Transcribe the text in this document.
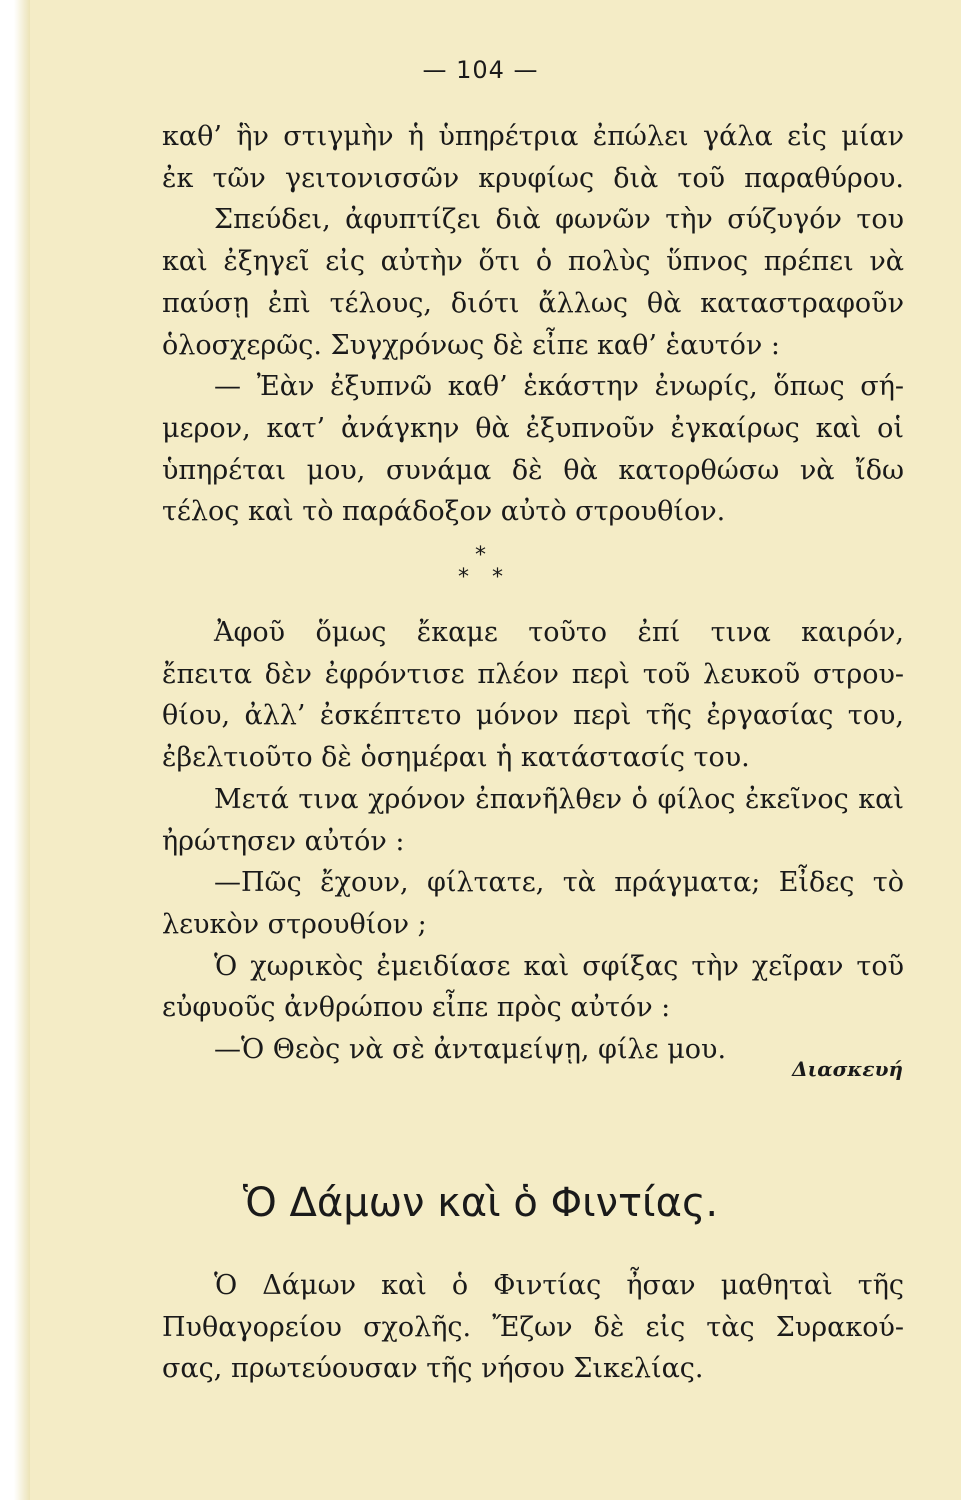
— 104 —
καθ’ ἣν στιγμὴν ἡ ὑπηρέτρια ἐπώλει γάλα εἰς μίαν
ἐκ τῶν γειτονισσῶν κρυφίως διὰ τοῦ παραθύρου.
Σπεύδει, ἀφυπτίζει διὰ φωνῶν τὴν σύζυγόν του
καὶ ἐξηγεῖ εἰς αὐτὴν ὅτι ὁ πολὺς ὕπνος πρέπει νὰ
παύσῃ ἐπὶ τέλους, διότι ἄλλως θὰ καταστραφοῦν
ὁλοσχερῶς. Συγχρόνως δὲ εἶπε καθ’ ἑαυτόν :
— Ἐὰν ἐξυπνῶ καθ’ ἑκάστην ἐνωρίς, ὅπως σή-
μερον, κατ’ ἀνάγκην θὰ ἐξυπνοῦν ἐγκαίρως καὶ οἱ
ὑπηρέται μου, συνάμα δὲ θὰ κατορθώσω νὰ ἴδω
τέλος καὶ τὸ παράδοξον αὐτὸ στρουθίον.
*
* *
Ἀφοῦ ὅμως ἔκαμε τοῦτο ἐπί τινα καιρόν,
ἔπειτα δὲν ἐφρόντισε πλέον περὶ τοῦ λευκοῦ στρου-
θίου, ἀλλ’ ἐσκέπτετο μόνον περὶ τῆς ἐργασίας του,
ἐβελτιοῦτο δὲ ὁσημέραι ἡ κατάστασίς του.
Μετά τινα χρόνον ἐπανῆλθεν ὁ φίλος ἐκεῖνος καὶ
ἠρώτησεν αὐτόν :
—Πῶς ἔχουν, φίλτατε, τὰ πράγματα; Εἶδες τὸ
λευκὸν στρουθίον ;
Ὁ χωρικὸς ἐμειδίασε καὶ σφίξας τὴν χεῖραν τοῦ
εὐφυοῦς ἀνθρώπου εἶπε πρὸς αὐτόν :
—Ὁ Θεὸς νὰ σὲ ἀνταμείψῃ, φίλε μου.
Διασκευή
Ὁ Δάμων καὶ ὁ Φιντίας.
Ὁ Δάμων καὶ ὁ Φιντίας ἦσαν μαθηταὶ τῆς
Πυθαγορείου σχολῆς. Ἔζων δὲ εἰς τὰς Συρακού-
σας, πρωτεύουσαν τῆς νήσου Σικελίας.
